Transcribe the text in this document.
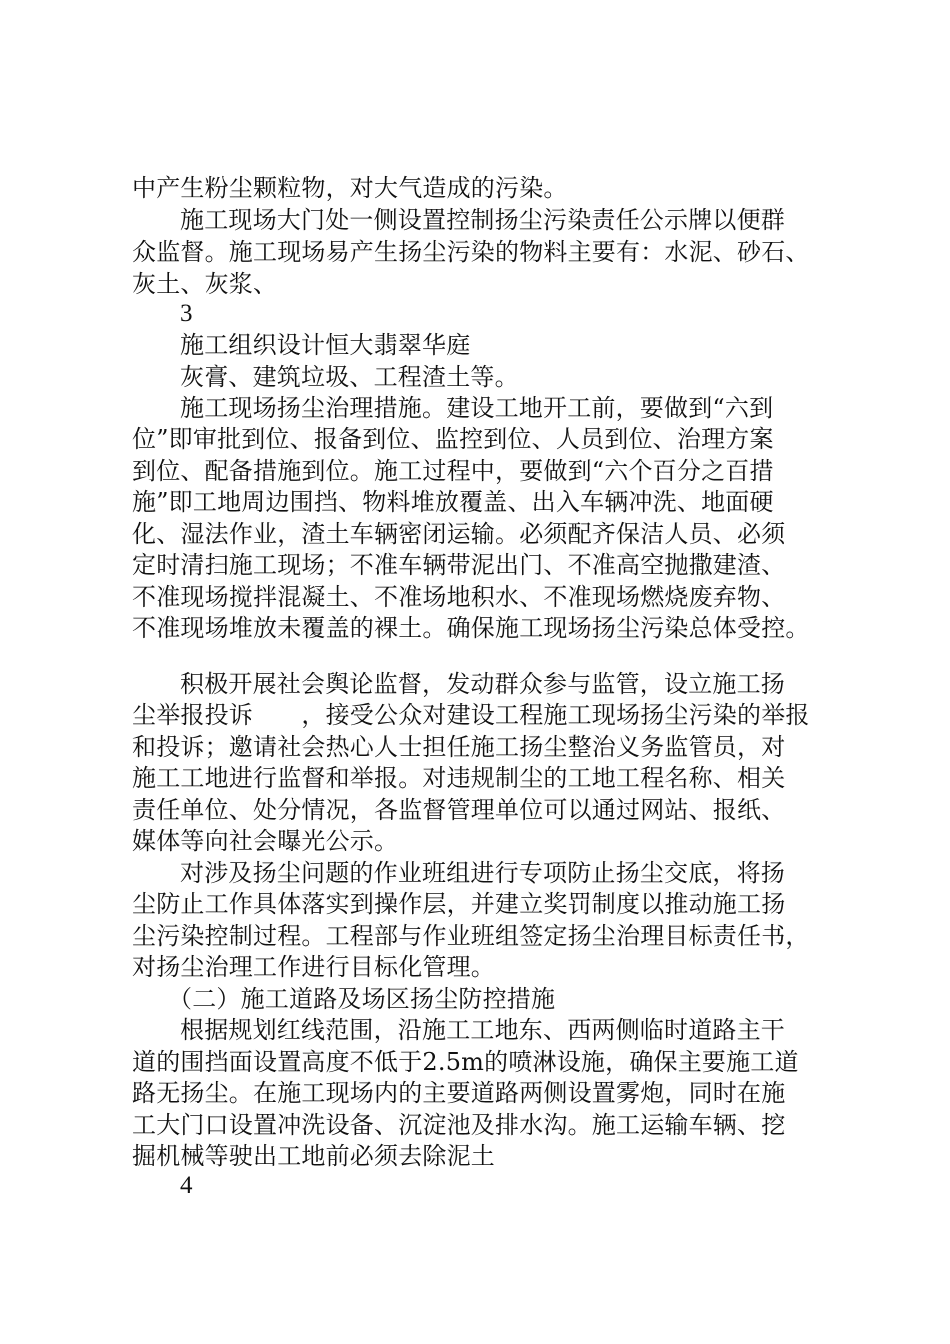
中产生粉尘颗粒物，对大气造成的污染。
施工现场大门处一侧设置控制扬尘污染责任公示牌以便群
众监督。施工现场易产生扬尘污染的物料主要有：水泥、砂石、
灰土、灰浆、
3
施工组织设计恒大翡翠华庭
灰膏、建筑垃圾、工程渣土等。
施工现场扬尘治理措施。建设工地开工前，要做到“六到
位”即审批到位、报备到位、监控到位、人员到位、治理方案
到位、配备措施到位。施工过程中，要做到“六个百分之百措
施”即工地周边围挡、物料堆放覆盖、出入车辆冲洗、地面硬
化、湿法作业，渣土车辆密闭运输。必须配齐保洁人员、必须
定时清扫施工现场；不准车辆带泥出门、不准高空抛撒建渣、
不准现场搅拌混凝土、不准场地积水、不准现场燃烧废弃物、
不准现场堆放未覆盖的裸土。确保施工现场扬尘污染总体受控。
积极开展社会舆论监督，发动群众参与监管，设立施工扬
尘举报投诉　　，接受公众对建设工程施工现场扬尘污染的举报
和投诉；邀请社会热心人士担任施工扬尘整治义务监管员，对
施工工地进行监督和举报。对违规制尘的工地工程名称、相关
责任单位、处分情况，各监督管理单位可以通过网站、报纸、
媒体等向社会曝光公示。
对涉及扬尘问题的作业班组进行专项防止扬尘交底，将扬
尘防止工作具体落实到操作层，并建立奖罚制度以推动施工扬
尘污染控制过程。工程部与作业班组签定扬尘治理目标责任书，
对扬尘治理工作进行目标化管理。
（二）施工道路及场区扬尘防控措施
根据规划红线范围，沿施工工地东、西两侧临时道路主干
道的围挡面设置高度不低于2.5m的喷淋设施，确保主要施工道
路无扬尘。在施工现场内的主要道路两侧设置雾炮，同时在施
工大门口设置冲洗设备、沉淀池及排水沟。施工运输车辆、挖
掘机械等驶出工地前必须去除泥土
4
